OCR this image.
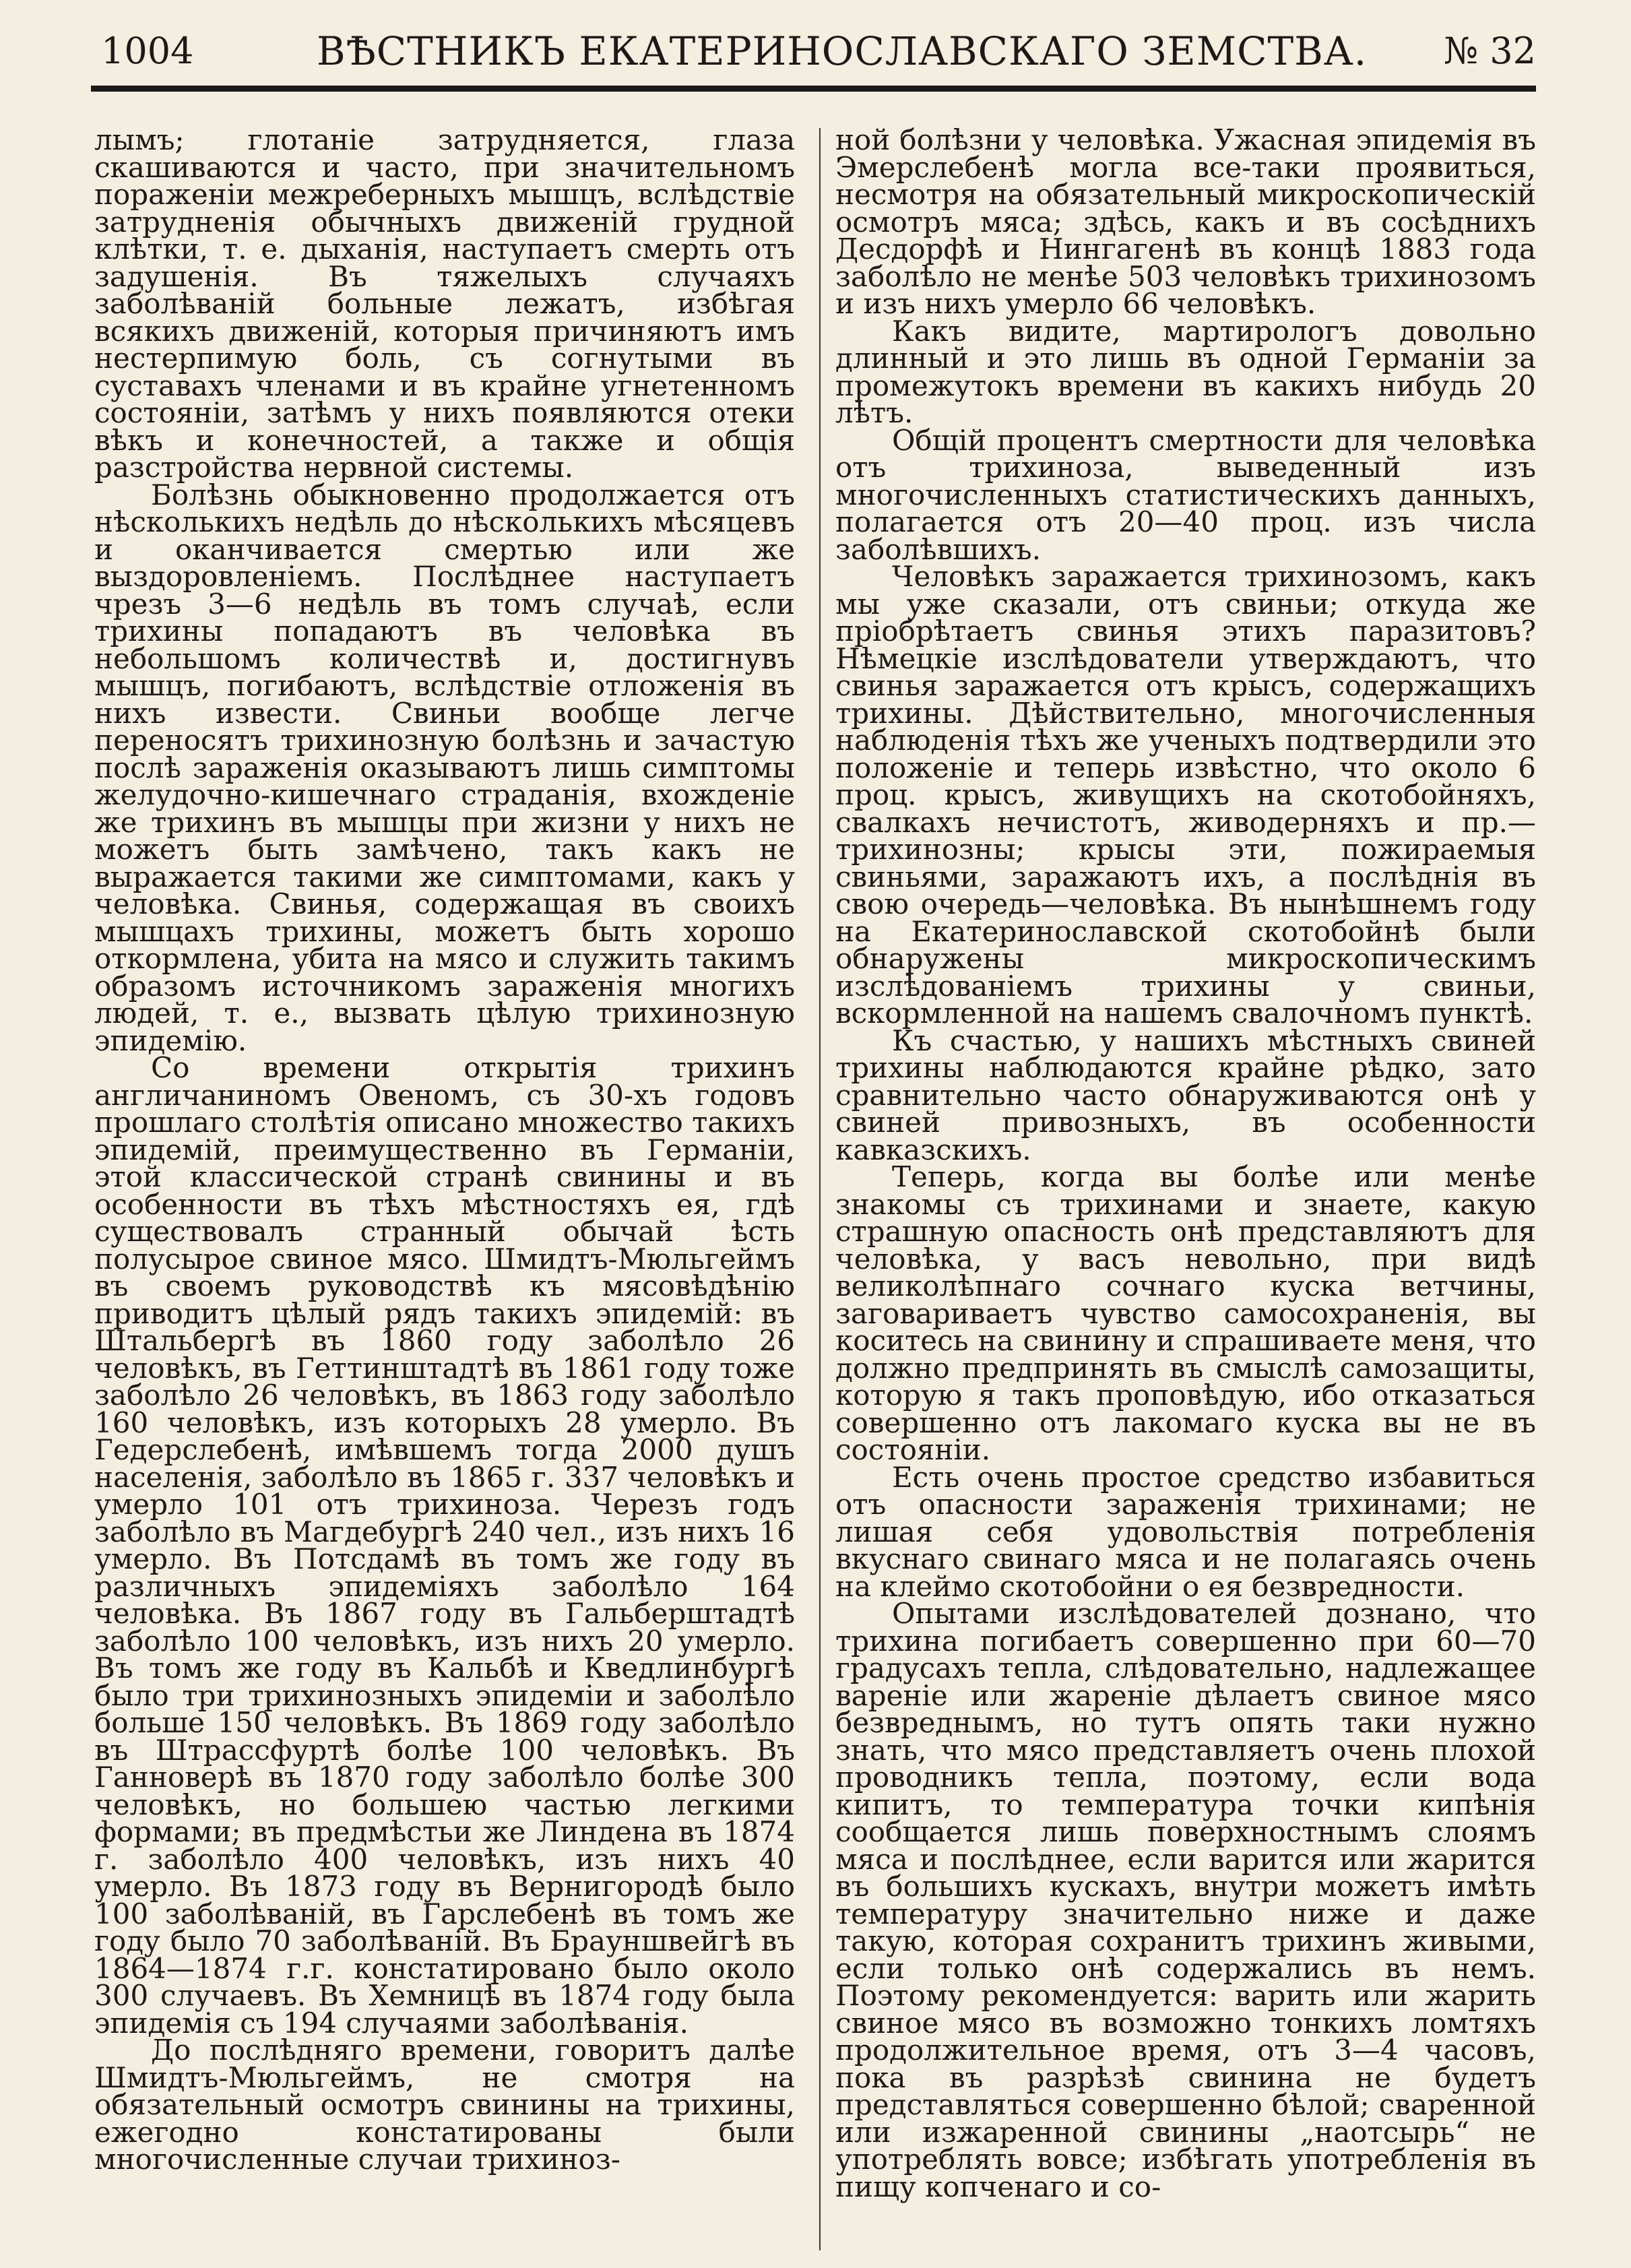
1004	ВѢСТНИКЪ ЕКАТЕРИНОСЛАВСКАГО ЗЕМСТВА. № 32

лымъ; глотаніе затрудняется, глаза скашиваются и часто, при значительномъ пораженіи межреберныхъ мышцъ, вслѣдствіе затрудненія обычныхъ движеній грудной клѣтки, т. е. дыханія, наступаетъ смерть отъ задушенія. Въ тяжелыхъ случаяхъ заболѣваній больные лежатъ, избѣгая всякихъ движеній, которыя причиняютъ имъ нестерпимую боль, съ согнутыми въ суставахъ членами и въ крайне угнетенномъ состояніи, затѣмъ у нихъ появляются отеки вѣкъ и конечностей, а также и общія разстройства нервной системы.

Болѣзнь обыкновенно продолжается отъ нѣсколькихъ недѣль до нѣсколькихъ мѣсяцевъ и оканчивается смертью или же выздоровленіемъ. Послѣднее наступаетъ чрезъ 3—6 недѣль въ томъ случаѣ, если трихины попадаютъ въ человѣка въ небольшомъ количествѣ и, достигнувъ мышцъ, погибаютъ, вслѣдствіе отложенія въ нихъ извести. Свиньи вообще легче переносятъ трихинозную болѣзнь и зачастую послѣ зараженія оказываютъ лишь симптомы желудочно-кишечнаго страданія, вхожденіе же трихинъ въ мышцы при жизни у нихъ не можетъ быть замѣчено, такъ какъ не выражается такими же симптомами, какъ у человѣка. Свинья, содержащая въ своихъ мышцахъ трихины, можетъ быть хорошо откормлена, убита на мясо и служить такимъ образомъ источникомъ зараженія многихъ людей, т. е., вызвать цѣлую трихинозную эпидемію.

Со времени открытія трихинъ англичаниномъ Овеномъ, съ 30-хъ годовъ прошлаго столѣтія описано множество такихъ эпидемій, преимущественно въ Германіи, этой классической странѣ свинины и въ особенности въ тѣхъ мѣстностяхъ ея, гдѣ существовалъ странный обычай ѣсть полусырое свиное мясо. Шмидтъ-Мюльгеймъ въ своемъ руководствѣ къ мясовѣдѣнію приводитъ цѣлый рядъ такихъ эпидемій: въ Штальбергѣ въ 1860 году заболѣло 26 человѣкъ, въ Геттинштадтѣ въ 1861 году тоже заболѣло 26 человѣкъ, въ 1863 году заболѣло 160 человѣкъ, изъ которыхъ 28 умерло. Въ Гедерслебенѣ, имѣвшемъ тогда 2000 душъ населенія, заболѣло въ 1865 г. 337 человѣкъ и умерло 101 отъ трихиноза. Черезъ годъ заболѣло въ Магдебургѣ 240 чел., изъ нихъ 16 умерло. Въ Потсдамѣ въ томъ же году въ различныхъ эпидеміяхъ заболѣло 164 человѣка. Въ 1867 году въ Гальберштадтѣ заболѣло 100 человѣкъ, изъ нихъ 20 умерло. Въ томъ же году въ Кальбѣ и Кведлинбургѣ было три трихинозныхъ эпидеміи и заболѣло больше 150 человѣкъ. Въ 1869 году заболѣло въ Штрассфуртѣ болѣе 100 человѣкъ. Въ Ганноверѣ въ 1870 году заболѣло болѣе 300 человѣкъ, но большею частью легкими формами; въ предмѣстьи же Линдена въ 1874 г. заболѣло 400 человѣкъ, изъ нихъ 40 умерло. Въ 1873 году въ Вернигородѣ было 100 заболѣваній, въ Гарслебенѣ въ томъ же году было 70 заболѣваній. Въ Брауншвейгѣ въ 1864—1874 г.г. констатировано было около 300 случаевъ. Въ Хемницѣ въ 1874 году была эпидемія съ 194 случаями заболѣванія.

До послѣдняго времени, говоритъ далѣе Шмидтъ-Мюльгеймъ, не смотря на обязательный осмотръ свинины на трихины, ежегодно констатированы были многочисленные случаи трихиноз-

ной болѣзни у человѣка. Ужасная эпидемія въ Эмерслебенѣ могла все-таки проявиться, несмотря на обязательный микроскопическій осмотръ мяса; здѣсь, какъ и въ сосѣднихъ Десдорфѣ и Нингагенѣ въ концѣ 1883 года заболѣло не менѣе 503 человѣкъ трихинозомъ и изъ нихъ умерло 66 человѣкъ.

Какъ видите, мартирологъ довольно длинный и это лишь въ одной Германіи за промежутокъ времени въ какихъ нибудь 20 лѣтъ.

Общій процентъ смертности для человѣка отъ трихиноза, выведенный изъ многочисленныхъ статистическихъ данныхъ, полагается отъ 20—40 проц. изъ числа заболѣвшихъ.

Человѣкъ заражается трихинозомъ, какъ мы уже сказали, отъ свиньи; откуда же пріобрѣтаетъ свинья этихъ паразитовъ? Нѣмецкіе изслѣдователи утверждаютъ, что свинья заражается отъ крысъ, содержащихъ трихины. Дѣйствительно, многочисленныя наблюденія тѣхъ же ученыхъ подтвердили это положеніе и теперь извѣстно, что около 6 проц. крысъ, живущихъ на скотобойняхъ, свалкахъ нечистотъ, живодерняхъ и пр.—трихинозны; крысы эти, пожираемыя свиньями, заражаютъ ихъ, а послѣднія въ свою очередь—человѣка. Въ нынѣшнемъ году на Екатеринославской скотобойнѣ были обнаружены микроскопическимъ изслѣдованіемъ трихины у свиньи, вскормленной на нашемъ свалочномъ пунктѣ.

Къ счастью, у нашихъ мѣстныхъ свиней трихины наблюдаются крайне рѣдко, зато сравнительно часто обнаруживаются онѣ у свиней привозныхъ, въ особенности кавказскихъ.

Теперь, когда вы болѣе или менѣе знакомы съ трихинами и знаете, какую страшную опасность онѣ представляютъ для человѣка, у васъ невольно, при видѣ великолѣпнаго сочнаго куска ветчины, заговариваетъ чувство самосохраненія, вы коситесь на свинину и спрашиваете меня, что должно предпринять въ смыслѣ самозащиты, которую я такъ проповѣдую, ибо отказаться совершенно отъ лакомаго куска вы не въ состояніи.

Есть очень простое средство избавиться отъ опасности зараженія трихинами; не лишая себя удовольствія потребленія вкуснаго свинаго мяса и не полагаясь очень на клеймо скотобойни о ея безвредности.

Опытами изслѣдователей дознано, что трихина погибаетъ совершенно при 60—70 градусахъ тепла, слѣдовательно, надлежащее вареніе или жареніе дѣлаетъ свиное мясо безвреднымъ, но тутъ опять таки нужно знать, что мясо представляетъ очень плохой проводникъ тепла, поэтому, если вода кипитъ, то температура точки кипѣнія сообщается лишь поверхностнымъ слоямъ мяса и послѣднее, если варится или жарится въ большихъ кускахъ, внутри можетъ имѣть температуру значительно ниже и даже такую, которая сохранитъ трихинъ живыми, если только онѣ содержались въ немъ. Поэтому рекомендуется: варить или жарить свиное мясо въ возможно тонкихъ ломтяхъ продолжительное время, отъ 3—4 часовъ, пока въ разрѣзѣ свинина не будетъ представляться совершенно бѣлой; сваренной или изжаренной свинины „наотсырь“ не употреблять вовсе; избѣгать употребленія въ пищу копченаго и со-
